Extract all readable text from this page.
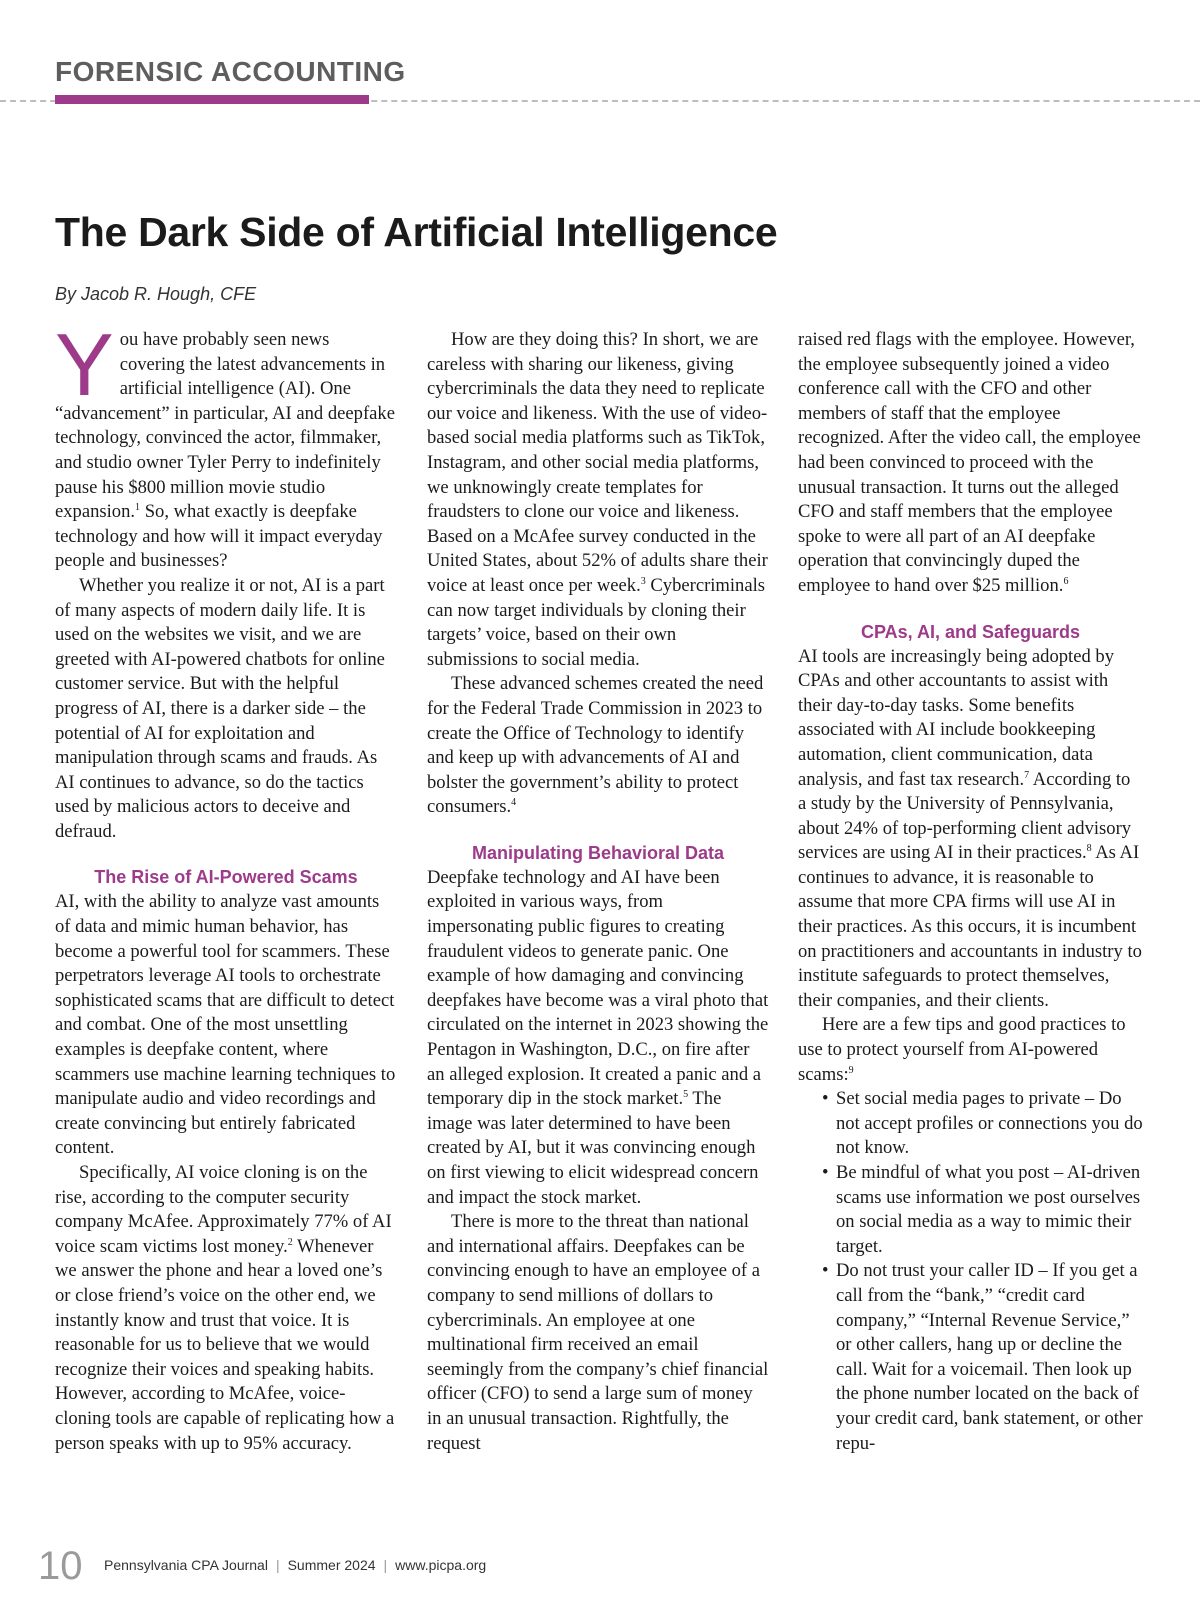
FORENSIC ACCOUNTING
The Dark Side of Artificial Intelligence

By Jacob R. Hough, CFE

You have probably seen news covering the latest advancements in artificial intelligence (AI). One “advancement” in particular, AI and deepfake technology, convinced the actor, filmmaker, and studio owner Tyler Perry to indefinitely pause his $800 million movie studio expansion.$^1$ So, what exactly is deepfake technology and how will it impact everyday people and businesses?

Whether you realize it or not, AI is a part of many aspects of modern daily life. It is used on the websites we visit, and we are greeted with AI-powered chatbots for online customer service. But with the helpful progress of AI, there is a darker side – the potential of AI for exploitation and manipulation through scams and frauds. As AI continues to advance, so do the tactics used by malicious actors to deceive and defraud.

The Rise of AI-Powered Scams

AI, with the ability to analyze vast amounts of data and mimic human behavior, has become a powerful tool for scammers. These perpetrators leverage AI tools to orchestrate sophisticated scams that are difficult to detect and combat. One of the most unsettling examples is deepfake content, where scammers use machine learning techniques to manipulate audio and video recordings and create convincing but entirely fabricated content.

Specifically, AI voice cloning is on the rise, according to the computer security company McAfee. Approximately 77% of AI voice scam victims lost money.$^2$ Whenever we answer the phone and hear a loved one’s or close friend’s voice on the other end, we instantly know and trust that voice. It is reasonable for us to believe that we would recognize their voices and speaking habits. However, according to McAfee, voice-cloning tools are capable of replicating how a person speaks with up to 95% accuracy.

How are they doing this? In short, we are careless with sharing our likeness, giving cybercriminals the data they need to replicate our voice and likeness. With the use of video-based social media platforms such as TikTok, Instagram, and other social media platforms, we unknowingly create templates for fraudsters to clone our voice and likeness. Based on a McAfee survey conducted in the United States, about 52% of adults share their voice at least once per week.$^3$ Cybercriminals can now target individuals by cloning their targets’ voice, based on their own submissions to social media.

These advanced schemes created the need for the Federal Trade Commission in 2023 to create the Office of Technology to identify and keep up with advancements of AI and bolster the government’s ability to protect consumers.$^4$

Manipulating Behavioral Data

Deepfake technology and AI have been exploited in various ways, from impersonating public figures to creating fraudulent videos to generate panic. One example of how damaging and convincing deepfakes have become was a viral photo that circulated on the internet in 2023 showing the Pentagon in Washington, D.C., on fire after an alleged explosion. It created a panic and a temporary dip in the stock market.$^5$ The image was later determined to have been created by AI, but it was convincing enough on first viewing to elicit widespread concern and impact the stock market.

There is more to the threat than national and international affairs. Deepfakes can be convincing enough to have an employee of a company to send millions of dollars to cybercriminals. An employee at one multinational firm received an email seemingly from the company’s chief financial officer (CFO) to send a large sum of money in an unusual transaction. Rightfully, the request

raised red flags with the employee. However, the employee subsequently joined a video conference call with the CFO and other members of staff that the employee recognized. After the video call, the employee had been convinced to proceed with the unusual transaction. It turns out the alleged CFO and staff members that the employee spoke to were all part of an AI deepfake operation that convincingly duped the employee to hand over $25 million.$^6$

CPAs, AI, and Safeguards

AI tools are increasingly being adopted by CPAs and other accountants to assist with their day-to-day tasks. Some benefits associated with AI include bookkeeping automation, client communication, data analysis, and fast tax research.$^7$ According to a study by the University of Pennsylvania, about 24% of top-performing client advisory services are using AI in their practices.$^8$ As AI continues to advance, it is reasonable to assume that more CPA firms will use AI in their practices. As this occurs, it is incumbent on practitioners and accountants in industry to institute safeguards to protect themselves, their companies, and their clients.

Here are a few tips and good practices to use to protect yourself from AI-powered scams:$^9$

• Set social media pages to private – Do not accept profiles or connections you do not know.
• Be mindful of what you post – AI-driven scams use information we post ourselves on social media as a way to mimic their target.
• Do not trust your caller ID – If you get a call from the “bank,” “credit card company,” “Internal Revenue Service,” or other callers, hang up or decline the call. Wait for a voicemail. Then look up the phone number located on the back of your credit card, bank statement, or other repu-

10 Pennsylvania CPA Journal | Summer 2024 | www.picpa.org
